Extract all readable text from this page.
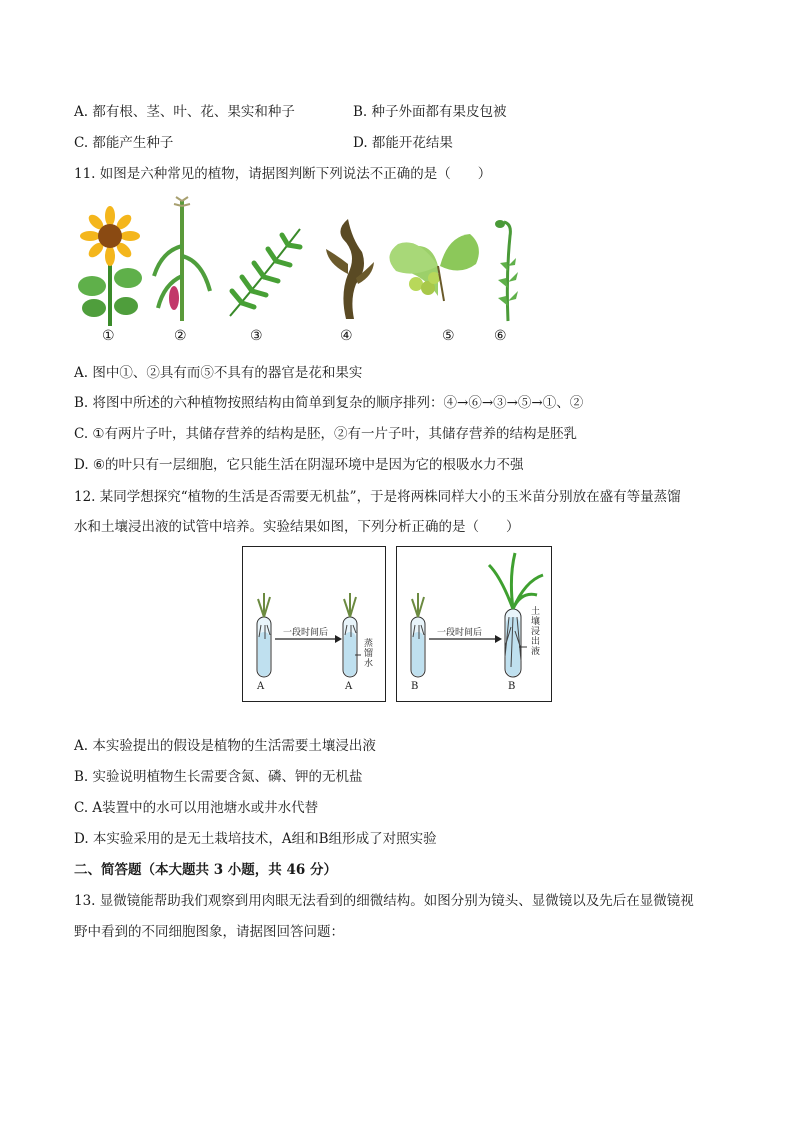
A. 都有根、茎、叶、花、果实和种子	B. 种子外面都有果皮包被
C. 都能产生种子	D. 都能开花结果
11. 如图是六种常见的植物，请据图判断下列说法不正确的是（　　）
①	②	③	④	⑤	⑥
A. 图中①、②具有而⑤不具有的器官是花和果实
B. 将图中所述的六种植物按照结构由简单到复杂的顺序排列：④→⑥→③→⑤→①、②
C. ①有两片子叶，其储存营养的结构是胚，②有一片子叶，其储存营养的结构是胚乳
D. ⑥的叶只有一层细胞，它只能生活在阴湿环境中是因为它的根吸水力不强
12. 某同学想探究“植物的生活是否需要无机盐”，于是将两株同样大小的玉米苗分别放在盛有等量蒸馏
水和土壤浸出液的试管中培养。实验结果如图，下列分析正确的是（　　）
一段时间后
A	A
蒸馏水
一段时间后
B	B
土壤浸出液
A. 本实验提出的假设是植物的生活需要土壤浸出液
B. 实验说明植物生长需要含氮、磷、钾的无机盐
C. A装置中的水可以用池塘水或井水代替
D. 本实验采用的是无土栽培技术，A组和B组形成了对照实验
二、简答题（本大题共 3 小题，共 46 分）
13. 显微镜能帮助我们观察到用肉眼无法看到的细微结构。如图分别为镜头、显微镜以及先后在显微镜视
野中看到的不同细胞图象，请据图回答问题：
